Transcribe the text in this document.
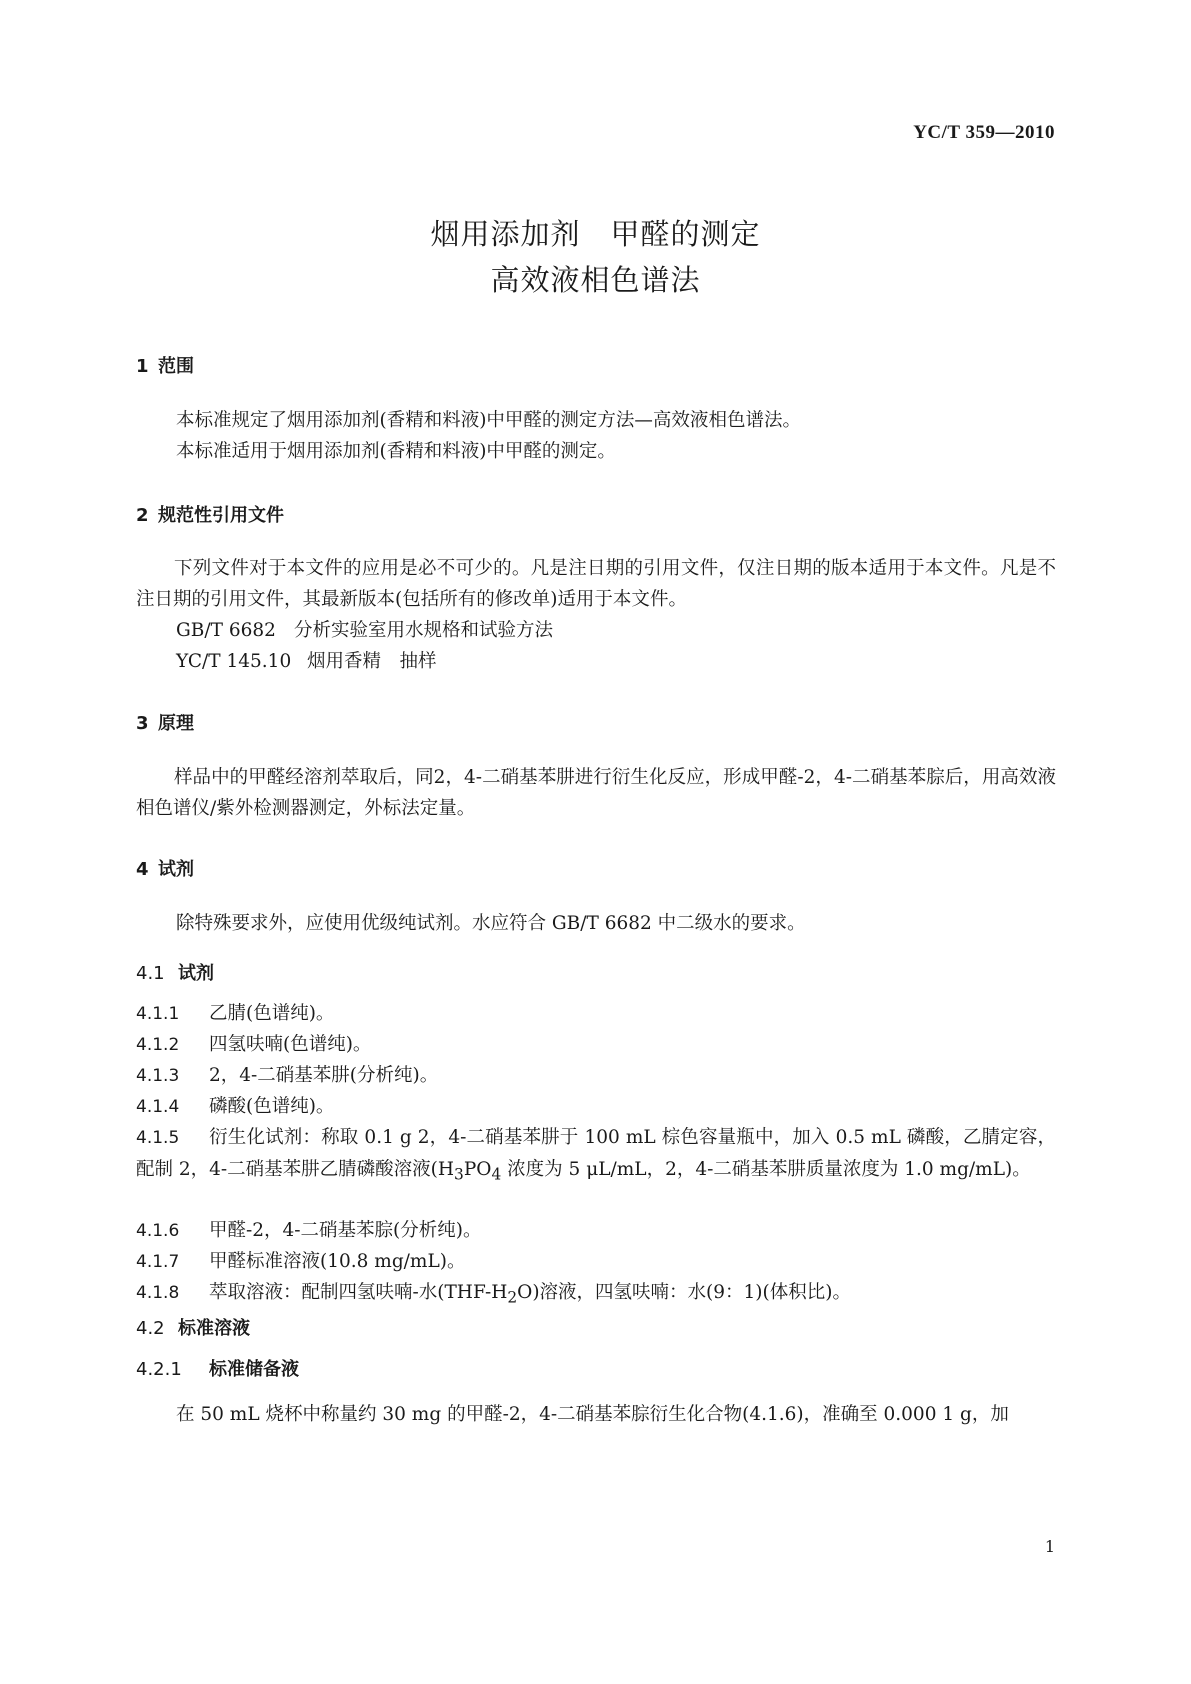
YC/T 359—2010
烟用添加剂　甲醛的测定
高效液相色谱法
1 范围
本标准规定了烟用添加剂(香精和料液)中甲醛的测定方法—高效液相色谱法。
本标准适用于烟用添加剂(香精和料液)中甲醛的测定。
2 规范性引用文件
下列文件对于本文件的应用是必不可少的。凡是注日期的引用文件，仅注日期的版本适用于本文件。凡是不注日期的引用文件，其最新版本(包括所有的修改单)适用于本文件。
GB/T 6682 分析实验室用水规格和试验方法
YC/T 145.10 烟用香精　抽样
3 原理
样品中的甲醛经溶剂萃取后，同2，4-二硝基苯肼进行衍生化反应，形成甲醛-2，4-二硝基苯腙后，用高效液相色谱仪/紫外检测器测定，外标法定量。
4 试剂
除特殊要求外，应使用优级纯试剂。水应符合 GB/T 6682 中二级水的要求。
4.1 试剂
4.1.1 乙腈(色谱纯)。
4.1.2 四氢呋喃(色谱纯)。
4.1.3 2，4-二硝基苯肼(分析纯)。
4.1.4 磷酸(色谱纯)。
4.1.5 衍生化试剂：称取 0.1 g 2，4-二硝基苯肼于 100 mL 棕色容量瓶中，加入 0.5 mL 磷酸，乙腈定容，配制 2，4-二硝基苯肼乙腈磷酸溶液($H_3PO_4$ 浓度为 5 μL/mL，2，4-二硝基苯肼质量浓度为 1.0 mg/mL)。
4.1.6 甲醛-2，4-二硝基苯腙(分析纯)。
4.1.7 甲醛标准溶液(10.8 mg/mL)。
4.1.8 萃取溶液：配制四氢呋喃-水$(THF-H_2O)$溶液，四氢呋喃：水(9：1)(体积比)。
4.2 标准溶液
4.2.1 标准储备液
在 50 mL 烧杯中称量约 30 mg 的甲醛-2，4-二硝基苯腙衍生化合物(4.1.6)，准确至 0.000 1 g，加
1
